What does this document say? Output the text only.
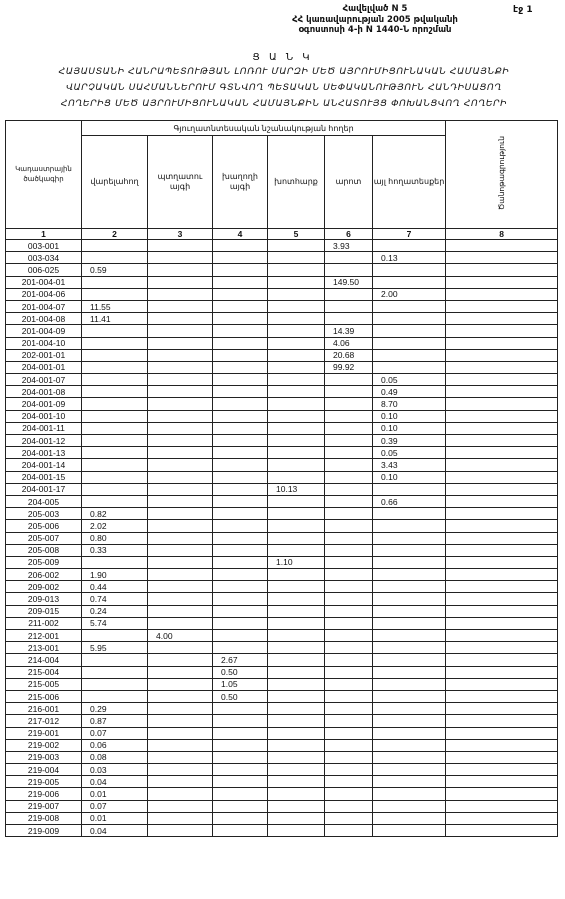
Հավելված N 5
ՀՀ կառավարության 2005 թվականի
օգոստոսի 4-ի N 1440-Ն որոշման
էջ 1
Ց Ա Ն Կ
ՀԱՅԱՍՏԱՆԻ ՀԱՆՐԱՊԵՏՈՒԹՅԱՆ ԼՈՌՈՒ ՄԱՐԶԻ ՄԵԾ ԱՅՐՈՒՄԻՑՈՒՆԱԿԱՆ ՀԱՄԱՅՆՔԻ
ՎԱՐՉԱԿԱՆ ՍԱՀՄԱՆՆԵՐՈՒՄ ԳՏՆՎՈՂ ՊԵՏԱԿԱՆ ՍԵՓԱԿԱՆՈՒԹՅՈՒՆ ՀԱՆԴԻՍԱՑՈՂ
ՀՈՂԵՐԻՑ ՄԵԾ ԱՅՐՈՒՄԻՑՈՒՆԱԿԱՆ ՀԱՄԱՅՆՔԻՆ ԱՆՀԱՏՈՒՅՑ ՓՈԽԱՆՑՎՈՂ ՀՈՂԵՐԻ
Կադաստրային ծածկագիր	Գյուղատնտեսական նշանակության հողեր						Ծանոթագրություն
	վարելահող	պտղատու այգի	խաղողի այգի	խոտհարք	արոտ	այլ հողատեսքեր	
1	2	3	4	5	6	7	8
003-001					3.93		
003-034						0.13	
006-025	0.59						
201-004-01					149.50		
201-004-06						2.00	
201-004-07	11.55						
201-004-08	11.41						
201-004-09					14.39		
201-004-10					4.06		
202-001-01					20.68		
204-001-01					99.92		
204-001-07						0.05	
204-001-08						0.49	
204-001-09						8.70	
204-001-10						0.10	
204-001-11						0.10	
204-001-12						0.39	
204-001-13						0.05	
204-001-14						3.43	
204-001-15						0.10	
204-001-17				10.13			
204-005						0.66	
205-003	0.82						
205-006	2.02						
205-007	0.80						
205-008	0.33						
205-009				1.10			
206-002	1.90						
209-002	0.44						
209-013	0.74						
209-015	0.24						
211-002	5.74						
212-001		4.00					
213-001	5.95						
214-004			2.67				
215-004			0.50				
215-005			1.05				
215-006			0.50				
216-001	0.29						
217-012	0.87						
219-001	0.07						
219-002	0.06						
219-003	0.08						
219-004	0.03						
219-005	0.04						
219-006	0.01						
219-007	0.07						
219-008	0.01						
219-009	0.04						
